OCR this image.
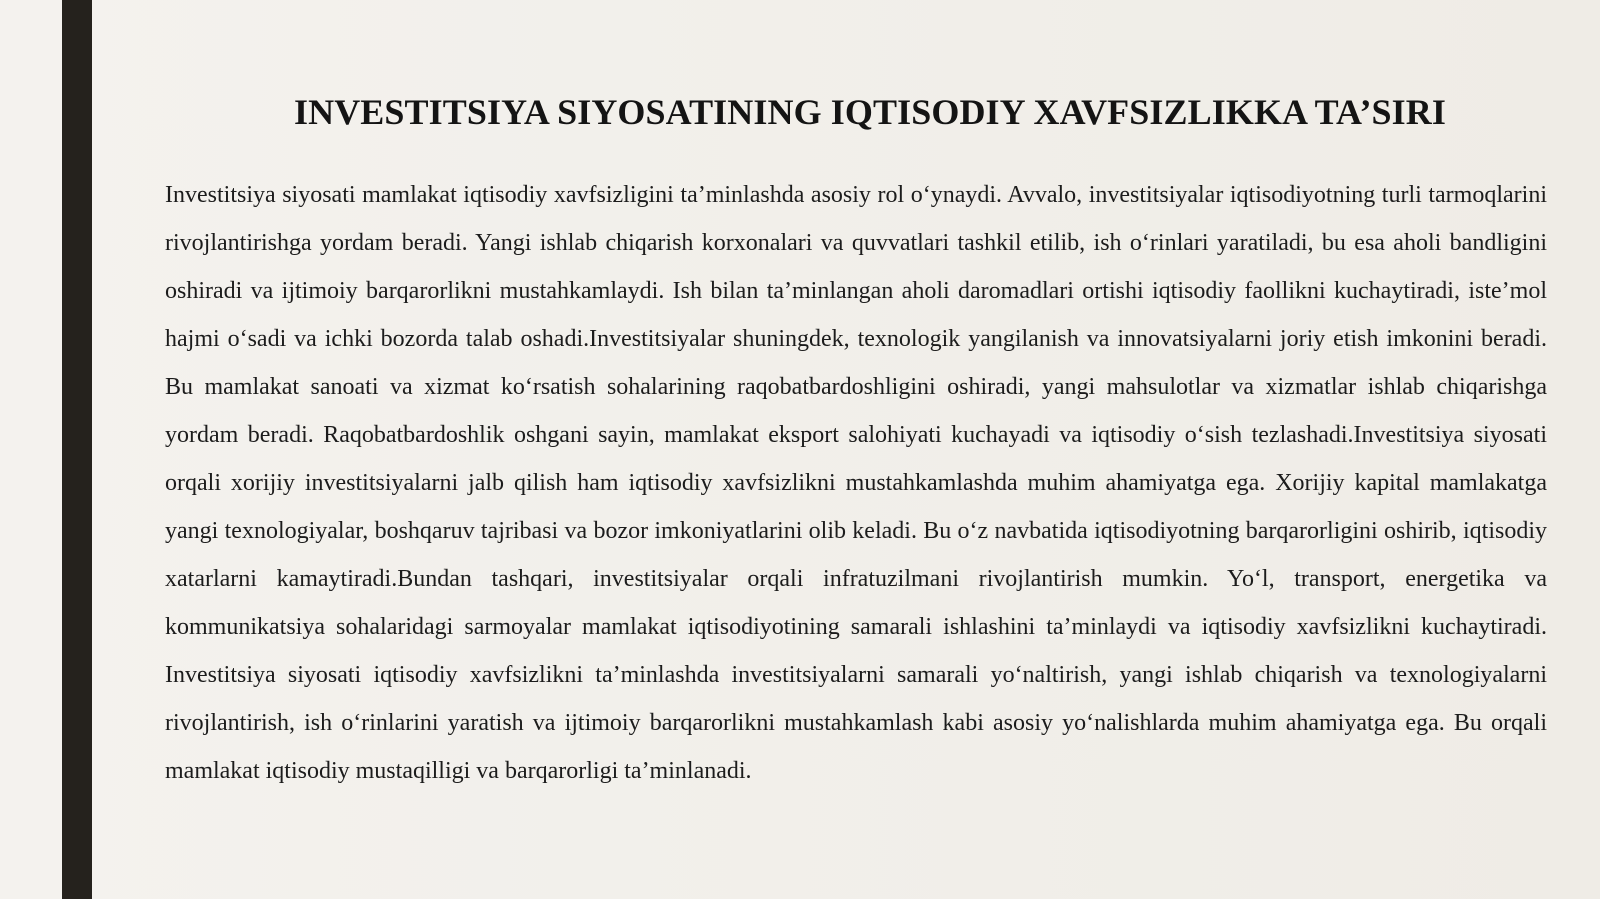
INVESTITSIYA SIYOSATINING IQTISODIY XAVFSIZLIKKA TA’SIRI

Investitsiya siyosati mamlakat iqtisodiy xavfsizligini ta’minlashda asosiy rol o‘ynaydi. Avvalo, investitsiyalar iqtisodiyotning turli tarmoqlarini rivojlantirishga yordam beradi. Yangi ishlab chiqarish korxonalari va quvvatlari tashkil etilib, ish o‘rinlari yaratiladi, bu esa aholi bandligini oshiradi va ijtimoiy barqarorlikni mustahkamlaydi. Ish bilan ta’minlangan aholi daromadlari ortishi iqtisodiy faollikni kuchaytiradi, iste’mol hajmi o‘sadi va ichki bozorda talab oshadi.Investitsiyalar shuningdek, texnologik yangilanish va innovatsiyalarni joriy etish imkonini beradi. Bu mamlakat sanoati va xizmat ko‘rsatish sohalarining raqobatbardoshligini oshiradi, yangi mahsulotlar va xizmatlar ishlab chiqarishga yordam beradi. Raqobatbardoshlik oshgani sayin, mamlakat eksport salohiyati kuchayadi va iqtisodiy o‘sish tezlashadi.Investitsiya siyosati orqali xorijiy investitsiyalarni jalb qilish ham iqtisodiy xavfsizlikni mustahkamlashda muhim ahamiyatga ega. Xorijiy kapital mamlakatga yangi texnologiyalar, boshqaruv tajribasi va bozor imkoniyatlarini olib keladi. Bu o‘z navbatida iqtisodiyotning barqarorligini oshirib, iqtisodiy xatarlarni kamaytiradi.Bundan tashqari, investitsiyalar orqali infratuzilmani rivojlantirish mumkin. Yo‘l, transport, energetika va kommunikatsiya sohalaridagi sarmoyalar mamlakat iqtisodiyotining samarali ishlashini ta’minlaydi va iqtisodiy xavfsizlikni kuchaytiradi. Investitsiya siyosati iqtisodiy xavfsizlikni ta’minlashda investitsiyalarni samarali yo‘naltirish, yangi ishlab chiqarish va texnologiyalarni rivojlantirish, ish o‘rinlarini yaratish va ijtimoiy barqarorlikni mustahkamlash kabi asosiy yo‘nalishlarda muhim ahamiyatga ega. Bu orqali mamlakat iqtisodiy mustaqilligi va barqarorligi ta’minlanadi.
